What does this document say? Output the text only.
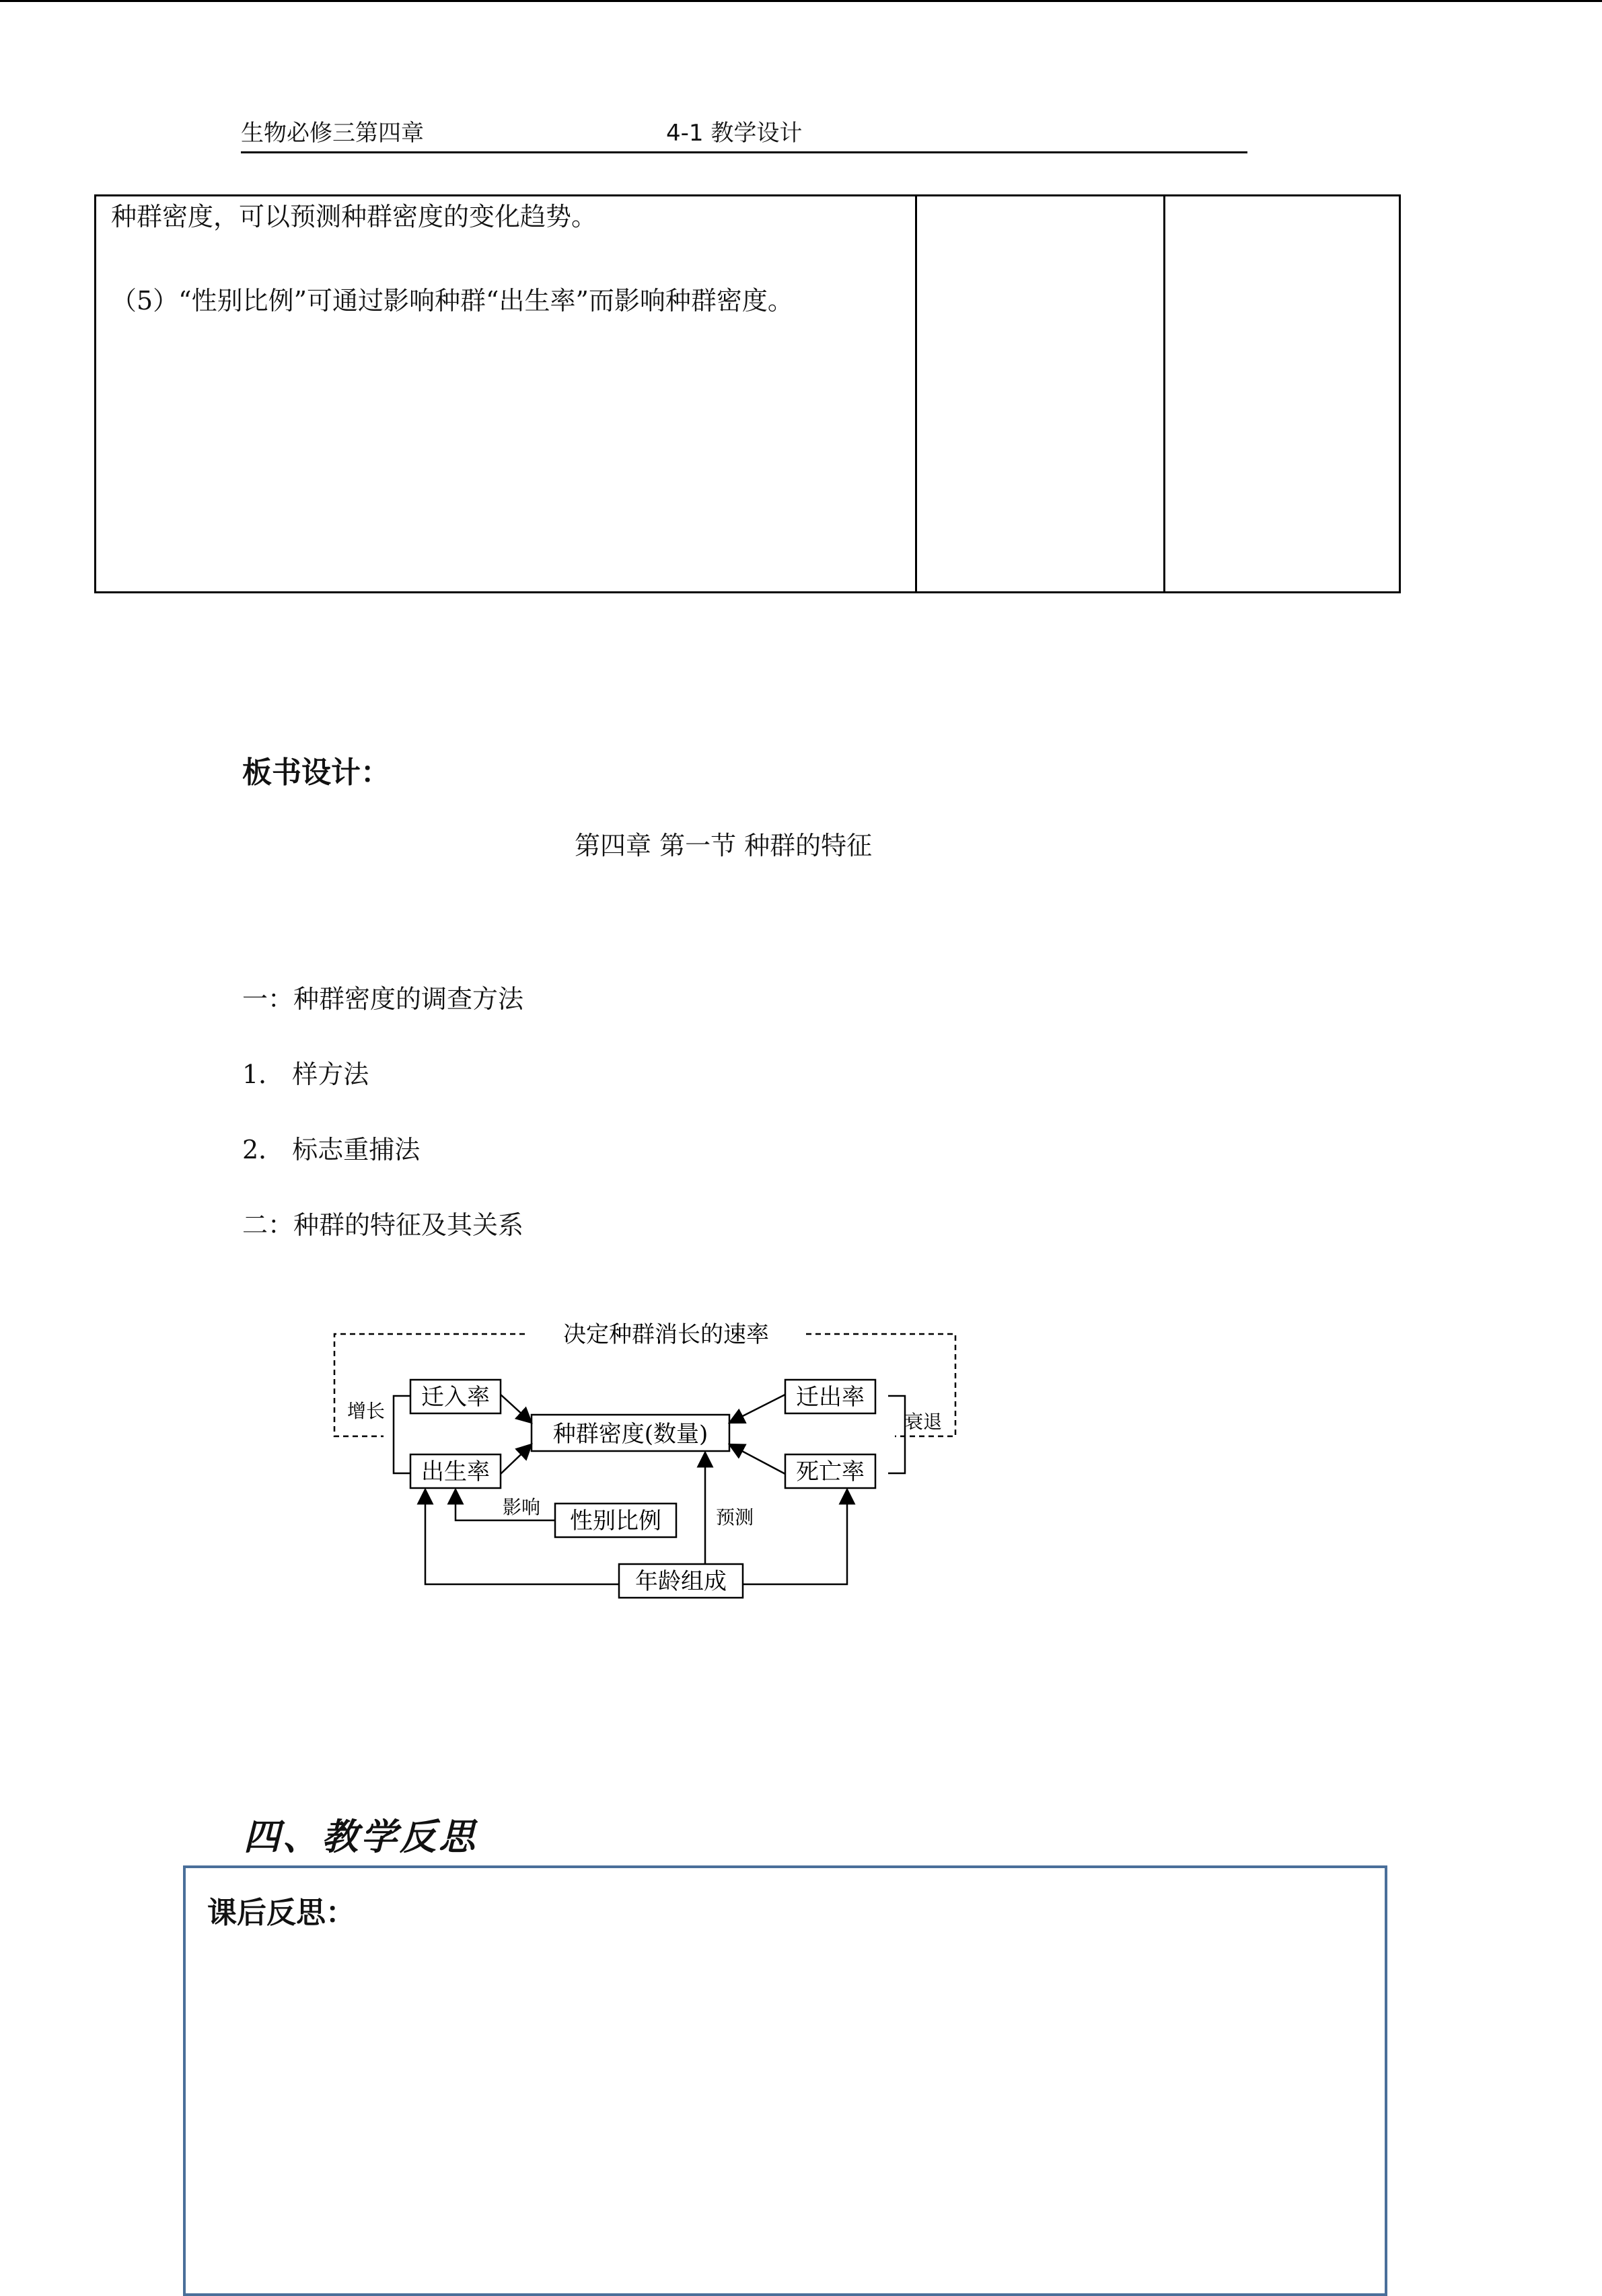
生物必修三第四章	4-1 教学设计
种群密度，可以预测种群密度的变化趋势。
（5）“性别比例”可通过影响种群“出生率”而影响种群密度。
板书设计：
第四章 第一节 种群的特征
一：种群密度的调查方法
1． 样方法
2． 标志重捕法
二：种群的特征及其关系
决定种群消长的速率
增长	衰退
迁入率
出生率
种群密度(数量)
迁出率
死亡率
影响
性别比例	预测
年龄组成
四、教学反思
课后反思：
